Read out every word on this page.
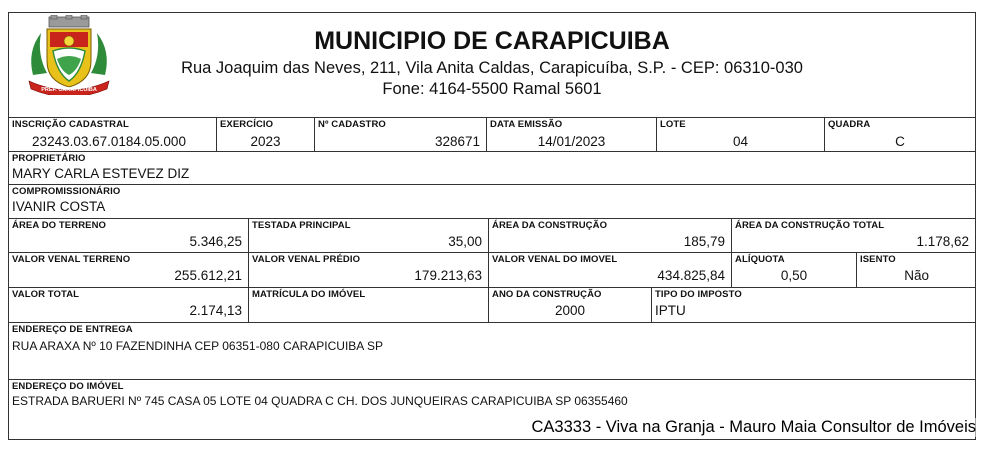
PREF. CARAPICUIBA
MUNICIPIO DE CARAPICUIBA
Rua Joaquim das Neves, 211, Vila Anita Caldas, Carapicuíba, S.P. - CEP: 06310-030
Fone: 4164-5500 Ramal 5601
INSCRIÇÃO CADASTRAL
23243.03.67.0184.05.000
EXERCÍCIO
2023
Nº CADASTRO
328671
DATA EMISSÃO
14/01/2023
LOTE
04
QUADRA
C
PROPRIETÁRIO
MARY CARLA ESTEVEZ DIZ
COMPROMISSIONÁRIO
IVANIR COSTA
ÁREA DO TERRENO
5.346,25
TESTADA PRINCIPAL
35,00
ÁREA DA CONSTRUÇÃO
185,79
ÁREA DA CONSTRUÇÃO TOTAL
1.178,62
VALOR VENAL TERRENO
255.612,21
VALOR VENAL PRÉDIO
179.213,63
VALOR VENAL DO IMOVEL
434.825,84
ALÍQUOTA
0,50
ISENTO
Não
VALOR TOTAL
2.174,13
MATRÍCULA DO IMÓVEL	ANO DA CONSTRUÇÃO
2000
TIPO DO IMPOSTO
IPTU
ENDEREÇO DE ENTREGA
RUA ARAXA Nº 10 FAZENDINHA CEP 06351-080 CARAPICUIBA SP
ENDEREÇO DO IMÓVEL
ESTRADA BARUERI Nº 745 CASA 05 LOTE 04 QUADRA C CH. DOS JUNQUEIRAS CARAPICUIBA SP 06355460
CA3333 - Viva na Granja - Mauro Maia Consultor de Imóveis
